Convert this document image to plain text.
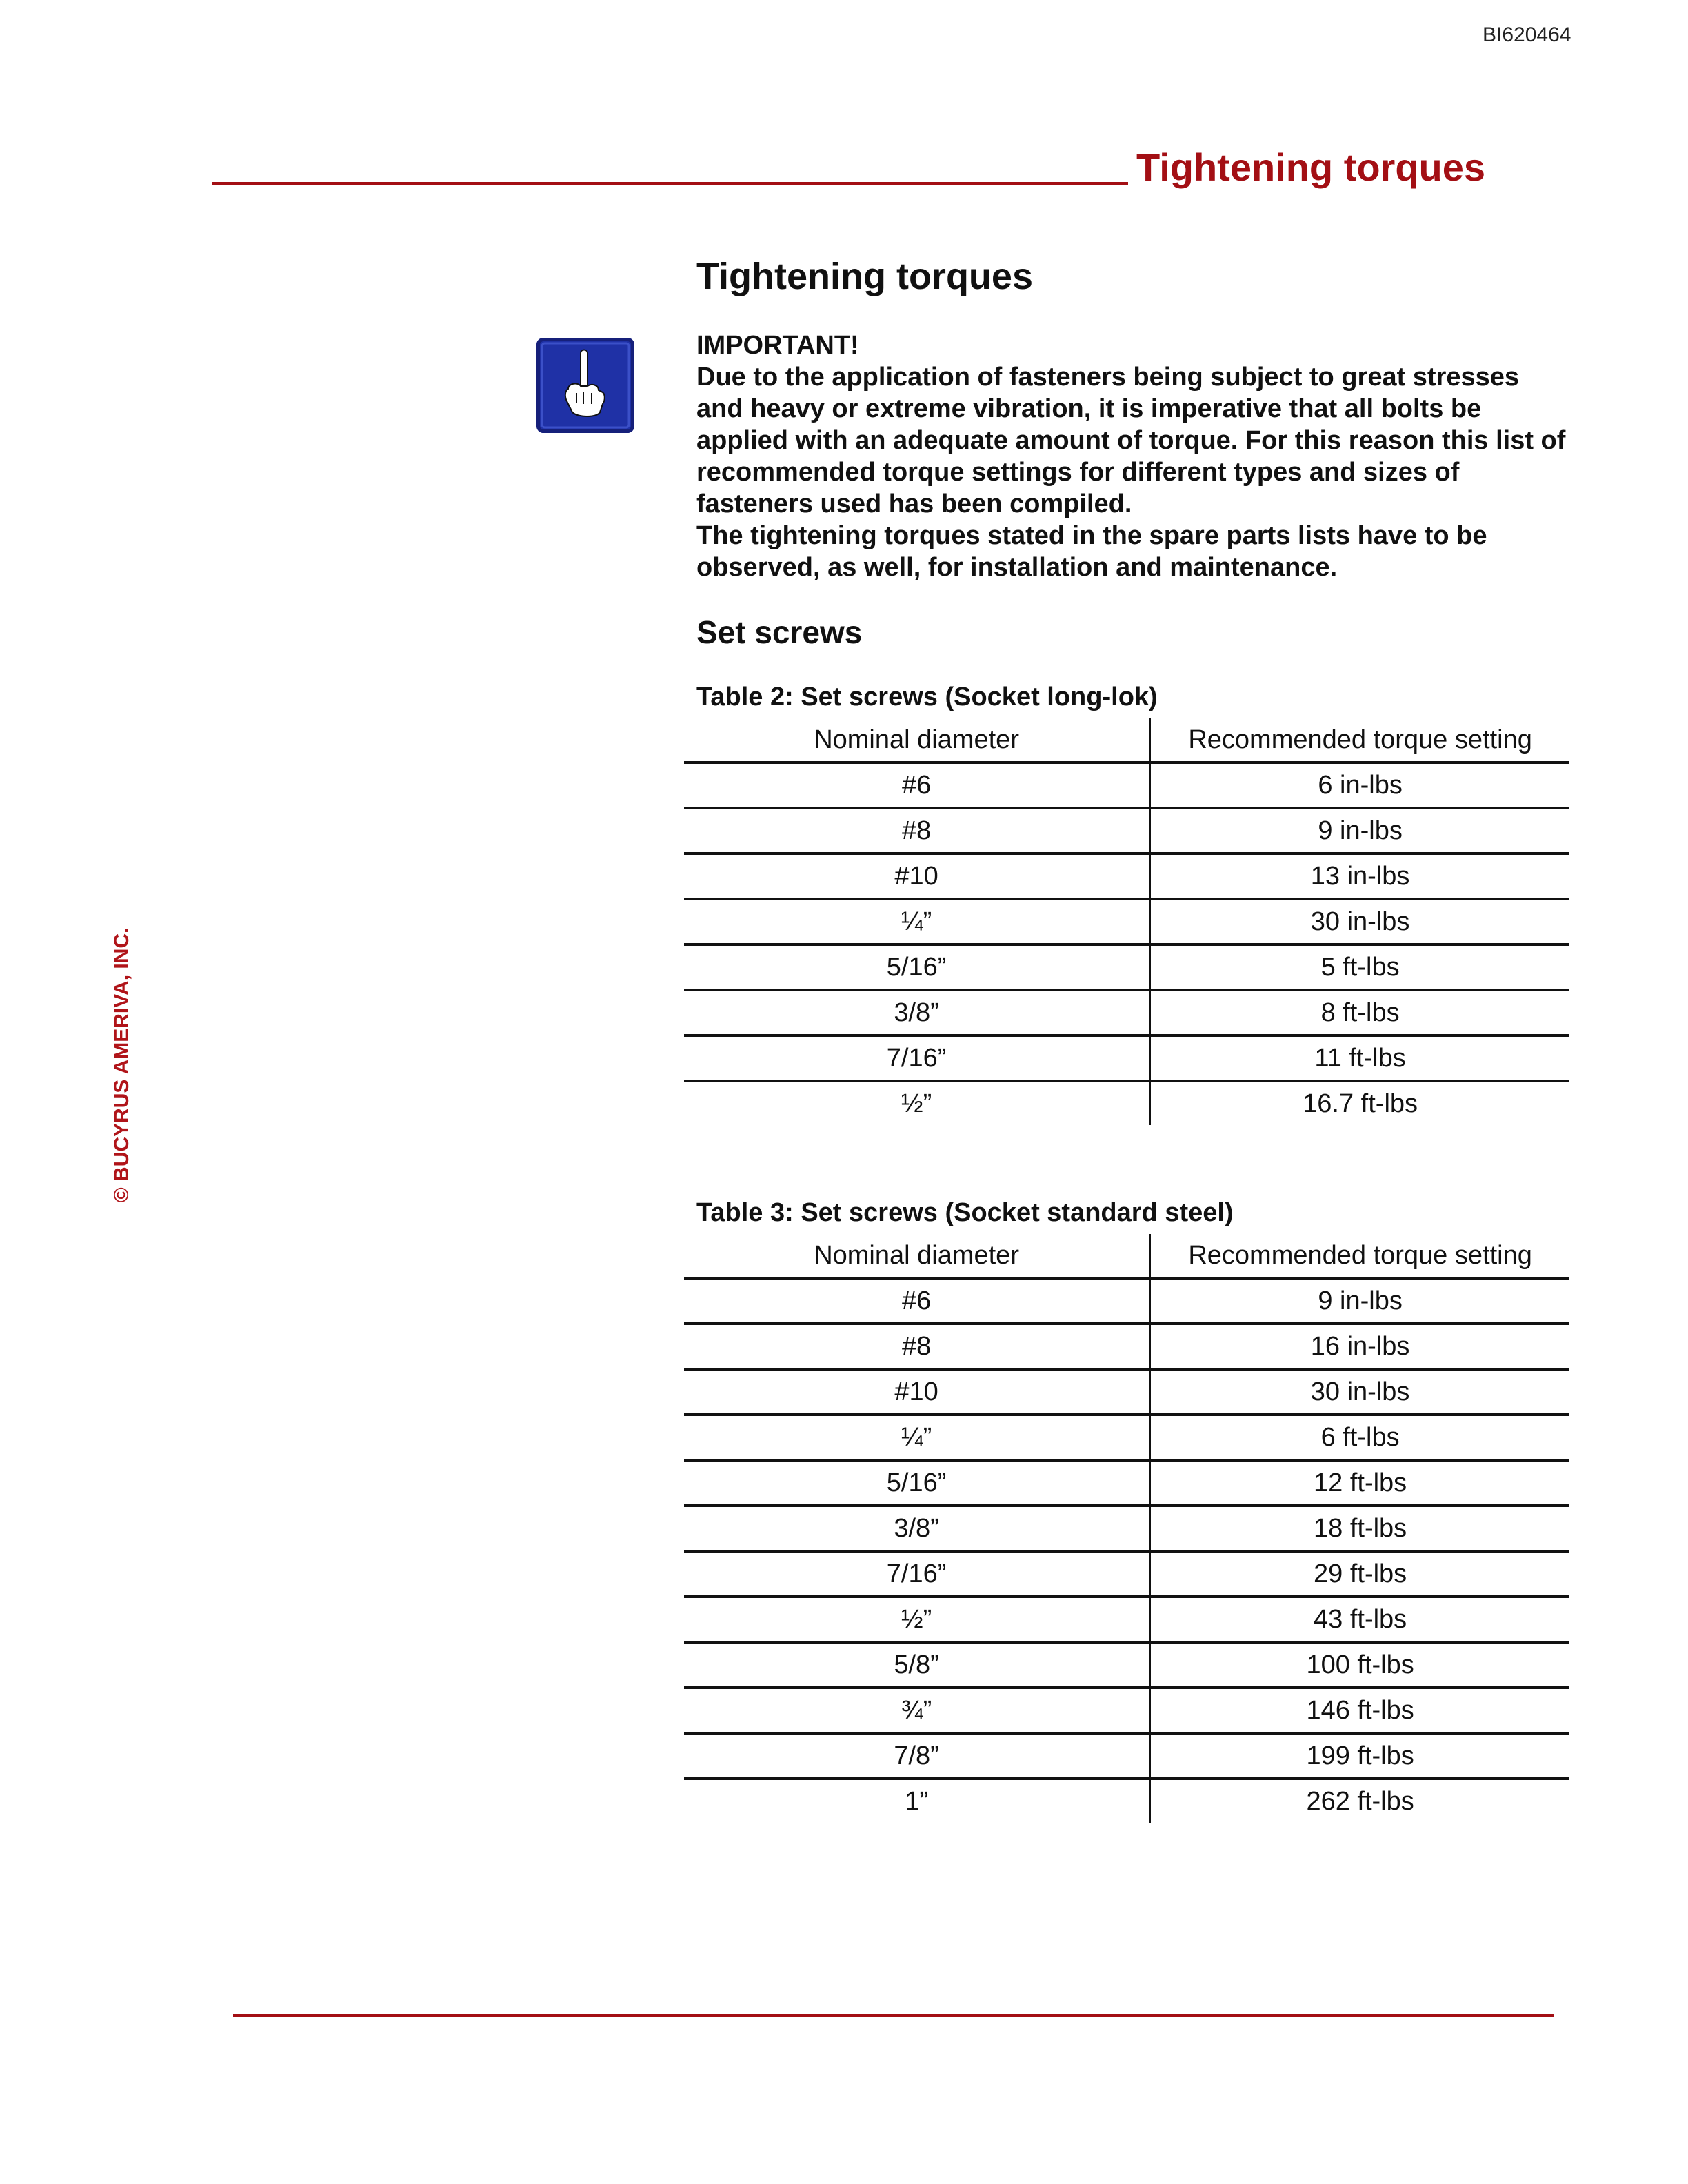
BI620464
Tightening torques
© BUCYRUS AMERIVA, INC.
Tightening torques

IMPORTANT!

Due to the application of fasteners being subject to great stresses and heavy or extreme vibration, it is imperative that all bolts be applied with an adequate amount of torque. For this reason this list of recommended torque settings for different types and sizes of fasteners used has been compiled.

The tightening torques stated in the spare parts lists have to be observed, as well, for installation and maintenance.

Set screws
Table 2: Set screws (Socket long-lok)
Nominal diameter	Recommended torque setting
#6	6 in-lbs
#8	9 in-lbs
#10	13 in-lbs
¼”	30 in-lbs
5/16”	5 ft-lbs
3/8”	8 ft-lbs
7/16”	11 ft-lbs
½”	16.7 ft-lbs
Table 3: Set screws (Socket standard steel)
Nominal diameter	Recommended torque setting
#6	9 in-lbs
#8	16 in-lbs
#10	30 in-lbs
¼”	6 ft-lbs
5/16”	12 ft-lbs
3/8”	18 ft-lbs
7/16”	29 ft-lbs
½”	43 ft-lbs
5/8”	100 ft-lbs
¾”	146 ft-lbs
7/8”	199 ft-lbs
1”	262 ft-lbs
